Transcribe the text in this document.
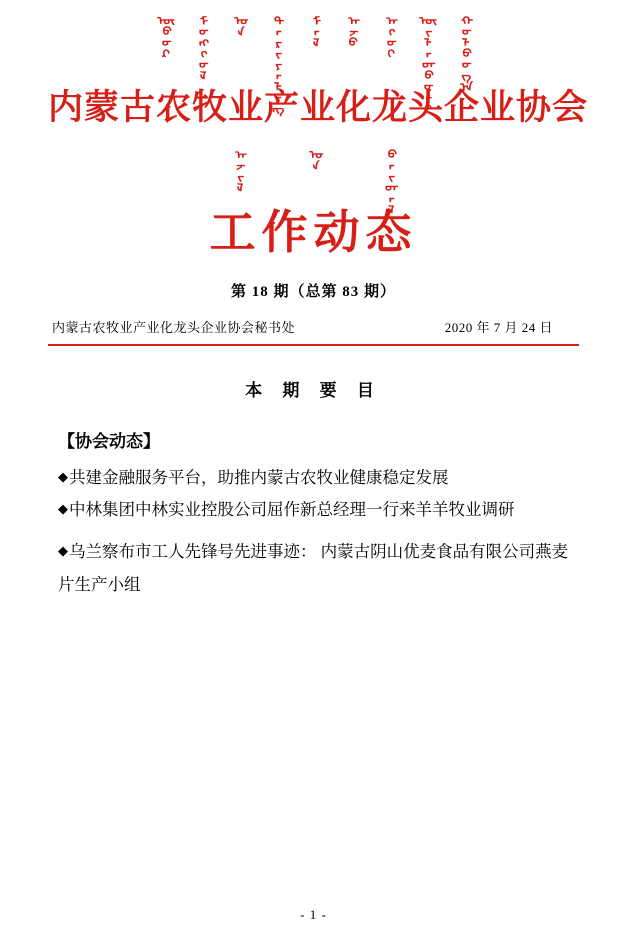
ᠦᠪᠦᠷ ᠮᠤᠩᠭᠤᠯ ᠤᠨ ᠲᠠᠷᠢᠶᠠᠯᠠᠩ ᠮᠠᠯ ᠠᠵᠤ ᠠᠬᠤᠢ ᠦᠢᠯᠡᠳᠪᠦᠷᠢ ᠬᠤᠯᠪᠤᠭ᠎ᠠ
内蒙古农牧业产业化龙头企业协会
ᠠᠵᠢᠯ	ᠤᠨ	ᠪᠠᠢᠳᠠᠯ
工作动态
第 18 期（总第 83 期）
内蒙古农牧业产业化龙头企业协会秘书处	2020 年 7 月 24 日
本 期 要 目
【协会动态】
◆共建金融服务平台，助推内蒙古农牧业健康稳定发展
◆中林集团中林实业控股公司屈作新总经理一行来羊羊牧业调研
◆乌兰察布市工人先锋号先进事迹： 内蒙古阴山优麦食品有限公司燕麦片生产小组
- 1 -
